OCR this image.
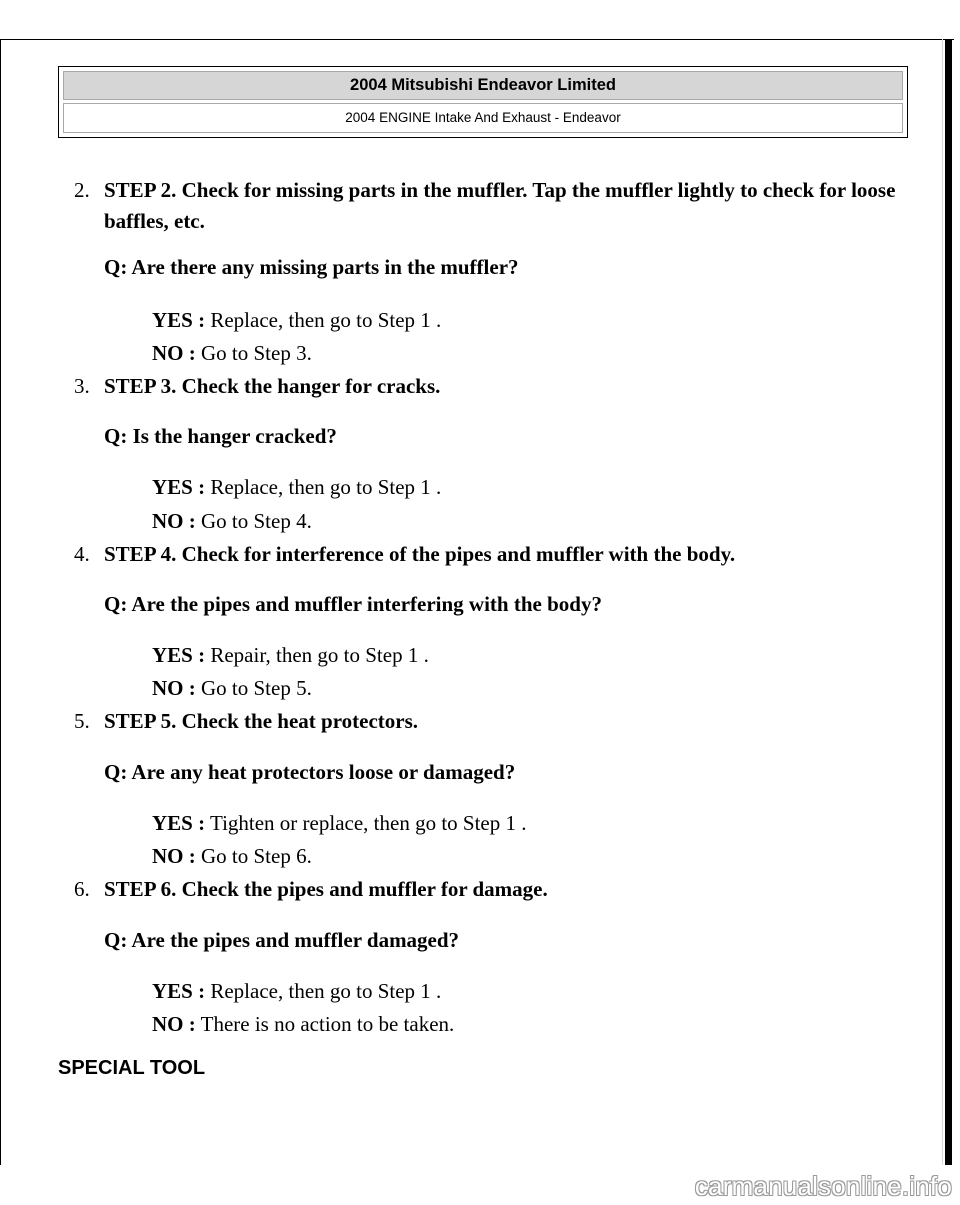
2004 Mitsubishi Endeavor Limited
2004 ENGINE Intake And Exhaust - Endeavor
2. STEP 2. Check for missing parts in the muffler. Tap the muffler lightly to check for loose baffles, etc.
Q: Are there any missing parts in the muffler?
YES : Replace, then go to Step 1 .
NO : Go to Step 3.
3. STEP 3. Check the hanger for cracks.
Q: Is the hanger cracked?
YES : Replace, then go to Step 1 .
NO : Go to Step 4.
4. STEP 4. Check for interference of the pipes and muffler with the body.
Q: Are the pipes and muffler interfering with the body?
YES : Repair, then go to Step 1 .
NO : Go to Step 5.
5. STEP 5. Check the heat protectors.
Q: Are any heat protectors loose or damaged?
YES : Tighten or replace, then go to Step 1 .
NO : Go to Step 6.
6. STEP 6. Check the pipes and muffler for damage.
Q: Are the pipes and muffler damaged?
YES : Replace, then go to Step 1 .
NO : There is no action to be taken.
SPECIAL TOOL
carmanualsonline.info
